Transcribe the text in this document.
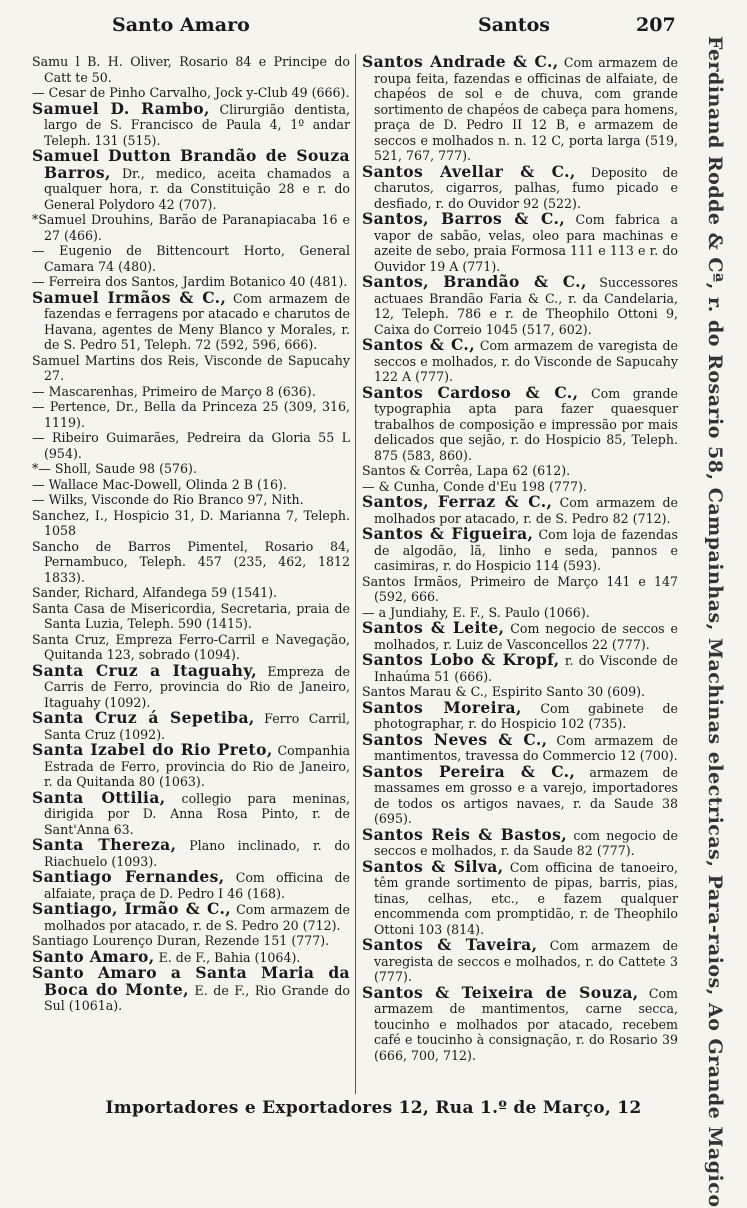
Santo Amaro	Santos	207
Samu l B. H. Oliver, Rosario 84 e Principe do Catt te 50.
— Cesar de Pinho Carvalho, Jock y-Club 49 (666).
Samuel D. Rambo, Clirurgião dentista, largo de S. Francisco de Paula 4, 1º andar Teleph. 131 (515).
Samuel Dutton Brandão de Souza Barros, Dr., medico, aceita chamados a qualquer hora, r. da Constituição 28 e r. do General Polydoro 42 (707).
*Samuel Drouhins, Barão de Paranapiacaba 16 e 27 (466).
— Eugenio de Bittencourt Horto, General Camara 74 (480).
— Ferreira dos Santos, Jardim Botanico 40 (481).
Samuel Irmãos & C., Com armazem de fazendas e ferragens por atacado e charutos de Havana, agentes de Meny Blanco y Morales, r. de S. Pedro 51, Teleph. 72 (592, 596, 666).
Samuel Martins dos Reis, Visconde de Sapucahy 27.
— Mascarenhas, Primeiro de Março 8 (636).
— Pertence, Dr., Bella da Princeza 25 (309, 316, 1119).
— Ribeiro Guimarães, Pedreira da Gloria 55 L (954).
*— Sholl, Saude 98 (576).
— Wallace Mac-Dowell, Olinda 2 B (16).
— Wilks, Visconde do Rio Branco 97, Nith.
Sanchez, I., Hospicio 31, D. Marianna 7, Teleph. 1058
Sancho de Barros Pimentel, Rosario 84, Pernambuco, Teleph. 457 (235, 462, 1812 1833).
Sander, Richard, Alfandega 59 (1541).
Santa Casa de Misericordia, Secretaria, praia de Santa Luzia, Teleph. 590 (1415).
Santa Cruz, Empreza Ferro-Carril e Navegação, Quitanda 123, sobrado (1094).
Santa Cruz a Itaguahy, Empreza de Carris de Ferro, provincia do Rio de Janeiro, Itaguahy (1092).
Santa Cruz á Sepetiba, Ferro Carril, Santa Cruz (1092).
Santa Izabel do Rio Preto, Companhia Estrada de Ferro, provincia do Rio de Janeiro, r. da Quitanda 80 (1063).
Santa Ottilia, collegio para meninas, dirigida por D. Anna Rosa Pinto, r. de Sant'Anna 63.
Santa Thereza, Plano inclinado, r. do Riachuelo (1093).
Santiago Fernandes, Com officina de alfaiate, praça de D. Pedro I 46 (168).
Santiago, Irmão & C., Com armazem de molhados por atacado, r. de S. Pedro 20 (712).
Santiago Lourenço Duran, Rezende 151 (777).
Santo Amaro, E. de F., Bahia (1064).
Santo Amaro a Santa Maria da Boca do Monte, E. de F., Rio Grande do Sul (1061a).
Santos Andrade & C., Com armazem de roupa feita, fazendas e officinas de alfaiate, de chapéos de sol e de chuva, com grande sortimento de chapéos de cabeça para homens, praça de D. Pedro II 12 B, e armazem de seccos e molhados n. n. 12 C, porta larga (519, 521, 767, 777).
Santos Avellar & C., Deposito de charutos, cigarros, palhas, fumo picado e desfiado, r. do Ouvidor 92 (522).
Santos, Barros & C., Com fabrica a vapor de sabão, velas, oleo para machinas e azeite de sebo, praia Formosa 111 e 113 e r. do Ouvidor 19 A (771).
Santos, Brandão & C., Successores actuaes Brandão Faria & C., r. da Candelaria, 12, Teleph. 786 e r. de Theophilo Ottoni 9, Caixa do Correio 1045 (517, 602).
Santos & C., Com armazem de varegista de seccos e molhados, r. do Visconde de Sapucahy 122 A (777).
Santos Cardoso & C., Com grande typographia apta para fazer quaesquer trabalhos de composição e impressão por mais delicados que sejão, r. do Hospicio 85, Teleph. 875 (583, 860).
Santos & Corrêa, Lapa 62 (612).
— & Cunha, Conde d'Eu 198 (777).
Santos, Ferraz & C., Com armazem de molhados por atacado, r. de S. Pedro 82 (712).
Santos & Figueira, Com loja de fazendas de algodão, lã, linho e seda, pannos e casimiras, r. do Hospicio 114 (593).
Santos Irmãos, Primeiro de Março 141 e 147 (592, 666.
— a Jundiahy, E. F., S. Paulo (1066).
Santos & Leite, Com negocio de seccos e molhados, r. Luiz de Vasconcellos 22 (777).
Santos Lobo & Kropf, r. do Visconde de Inhaúma 51 (666).
Santos Marau & C., Espirito Santo 30 (609).
Santos Moreira, Com gabinete de photographar, r. do Hospicio 102 (735).
Santos Neves & C., Com armazem de mantimentos, travessa do Commercio 12 (700).
Santos Pereira & C., armazem de massames em grosso e a varejo, importadores de todos os artigos navaes, r. da Saude 38 (695).
Santos Reis & Bastos, com negocio de seccos e molhados, r. da Saude 82 (777).
Santos & Silva, Com officina de tanoeiro, têm grande sortimento de pipas, barris, pias, tinas, celhas, etc., e fazem qualquer encommenda com promptidão, r. de Theophilo Ottoni 103 (814).
Santos & Taveira, Com armazem de varegista de seccos e molhados, r. do Cattete 3 (777).
Santos & Teixeira de Souza, Com armazem de mantimentos, carne secca, toucinho e molhados por atacado, recebem café e toucinho à consignação, r. do Rosario 39 (666, 700, 712).	Ferdinand Rodde & Cª, r. do Rosario 58, Campainhas, Machinas electricas, Para-raios, Ao Grande Magico
Importadores e Exportadores 12, Rua 1.º de Março, 12
